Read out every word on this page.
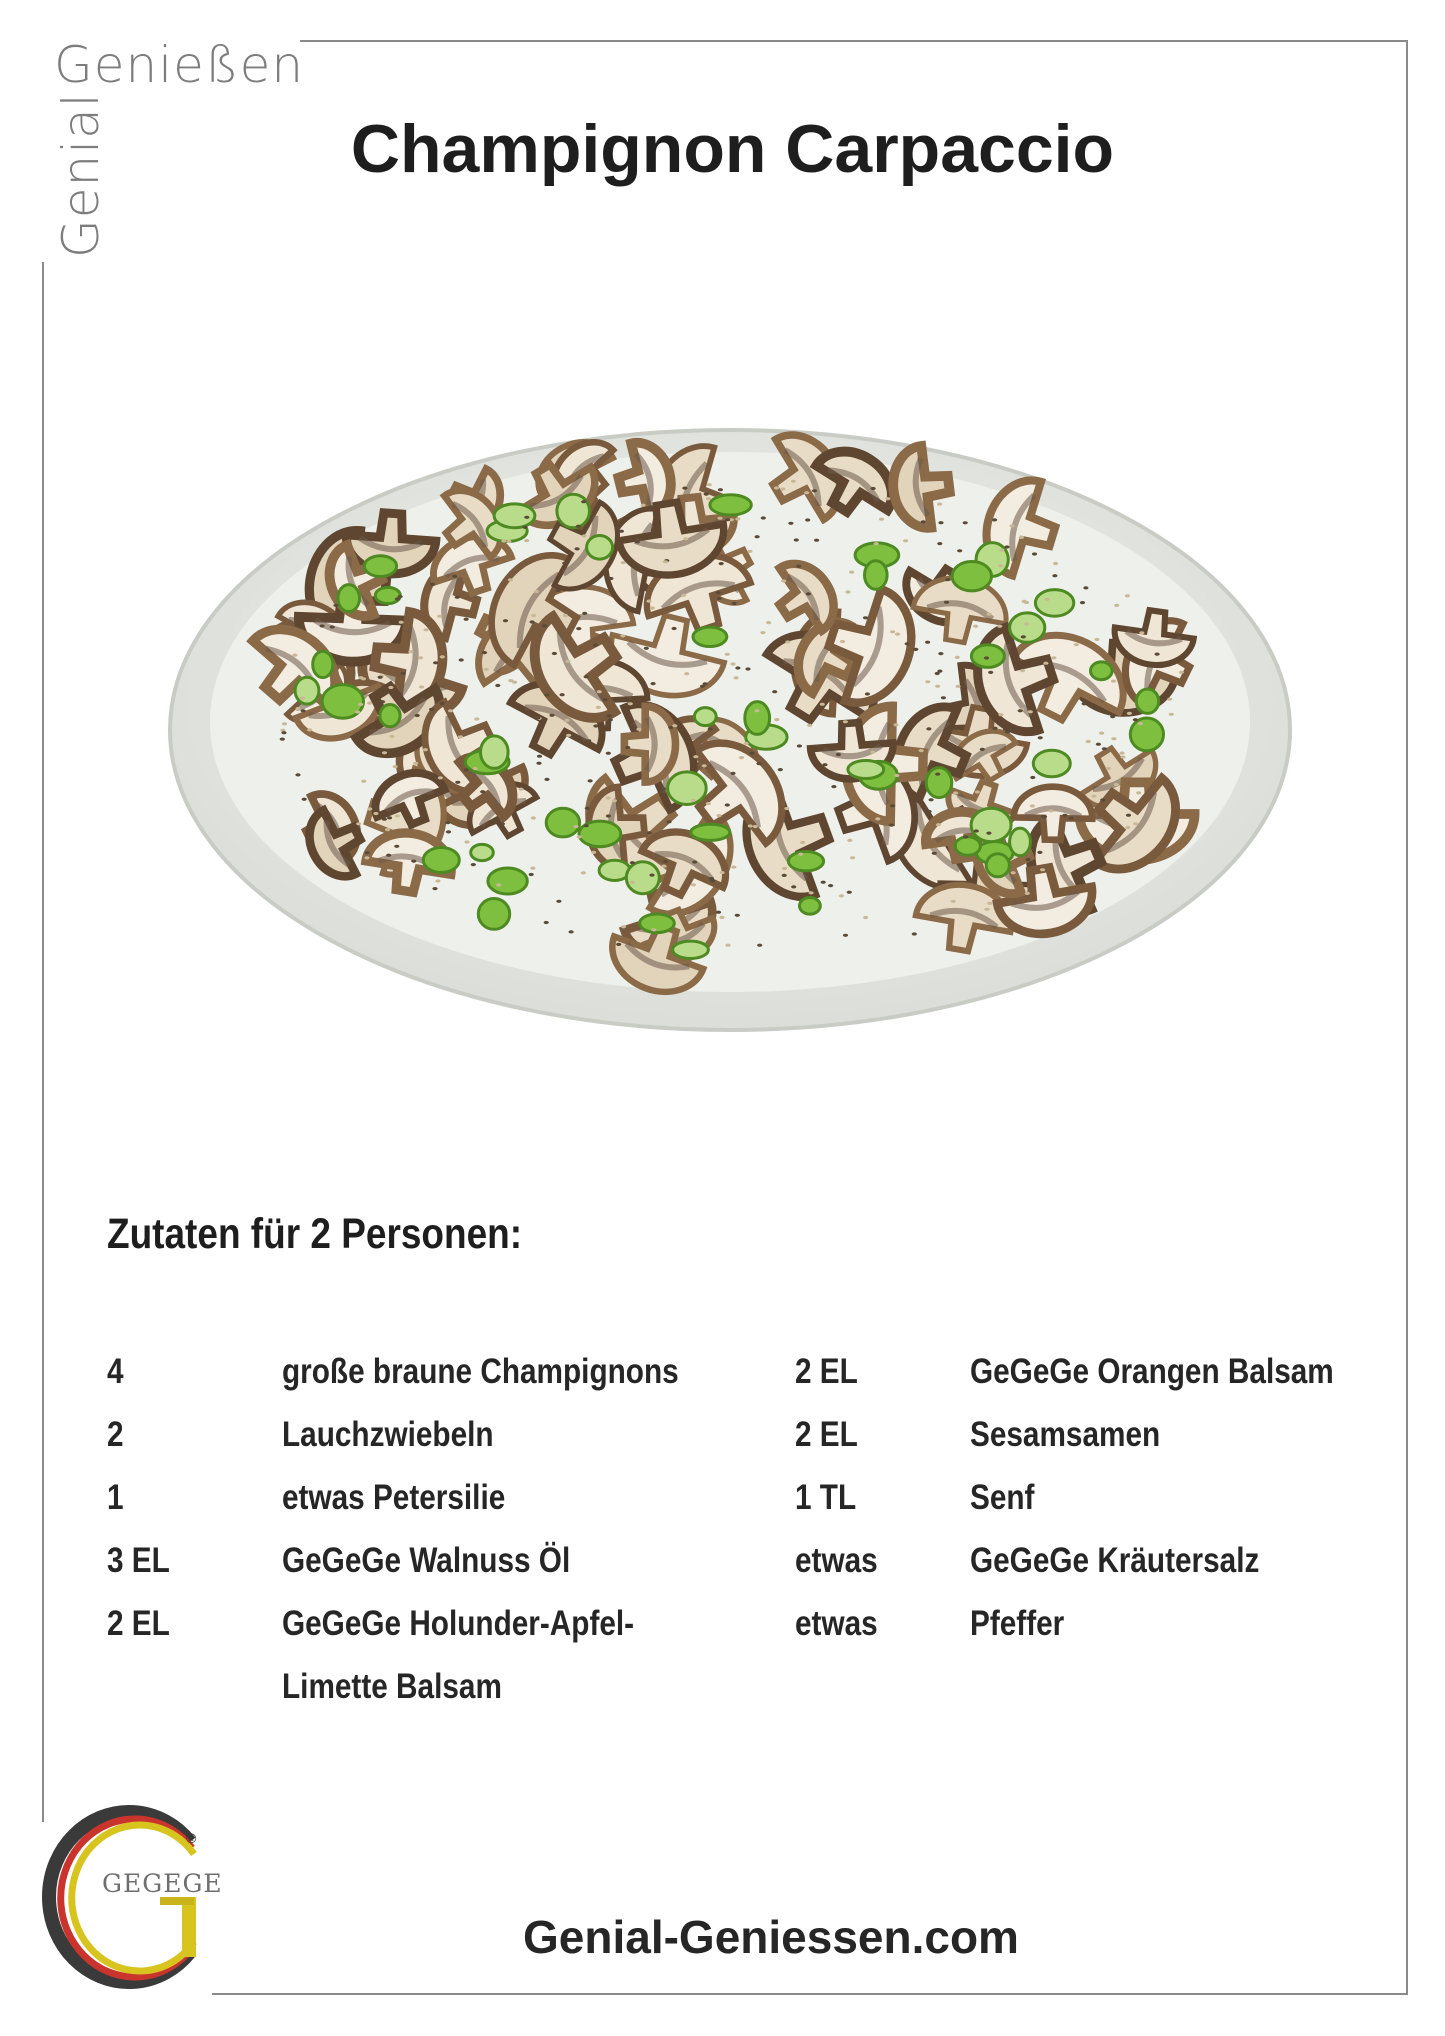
Genießen
Genial	Champignon Carpaccio
Zutaten für 2 Personen:
4	große braune Champignons
2	Lauchzwiebeln
1	etwas Petersilie
3 EL	GeGeGe Walnuss Öl
2 EL	GeGeGe Holunder-Apfel-
Limette Balsam
2 EL	GeGeGe Orangen Balsam
2 EL	Sesamsamen
1 TL	Senf
etwas	GeGeGe Kräutersalz
etwas	Pfeffer
GEGEGE
®
Genial-Geniessen.com
